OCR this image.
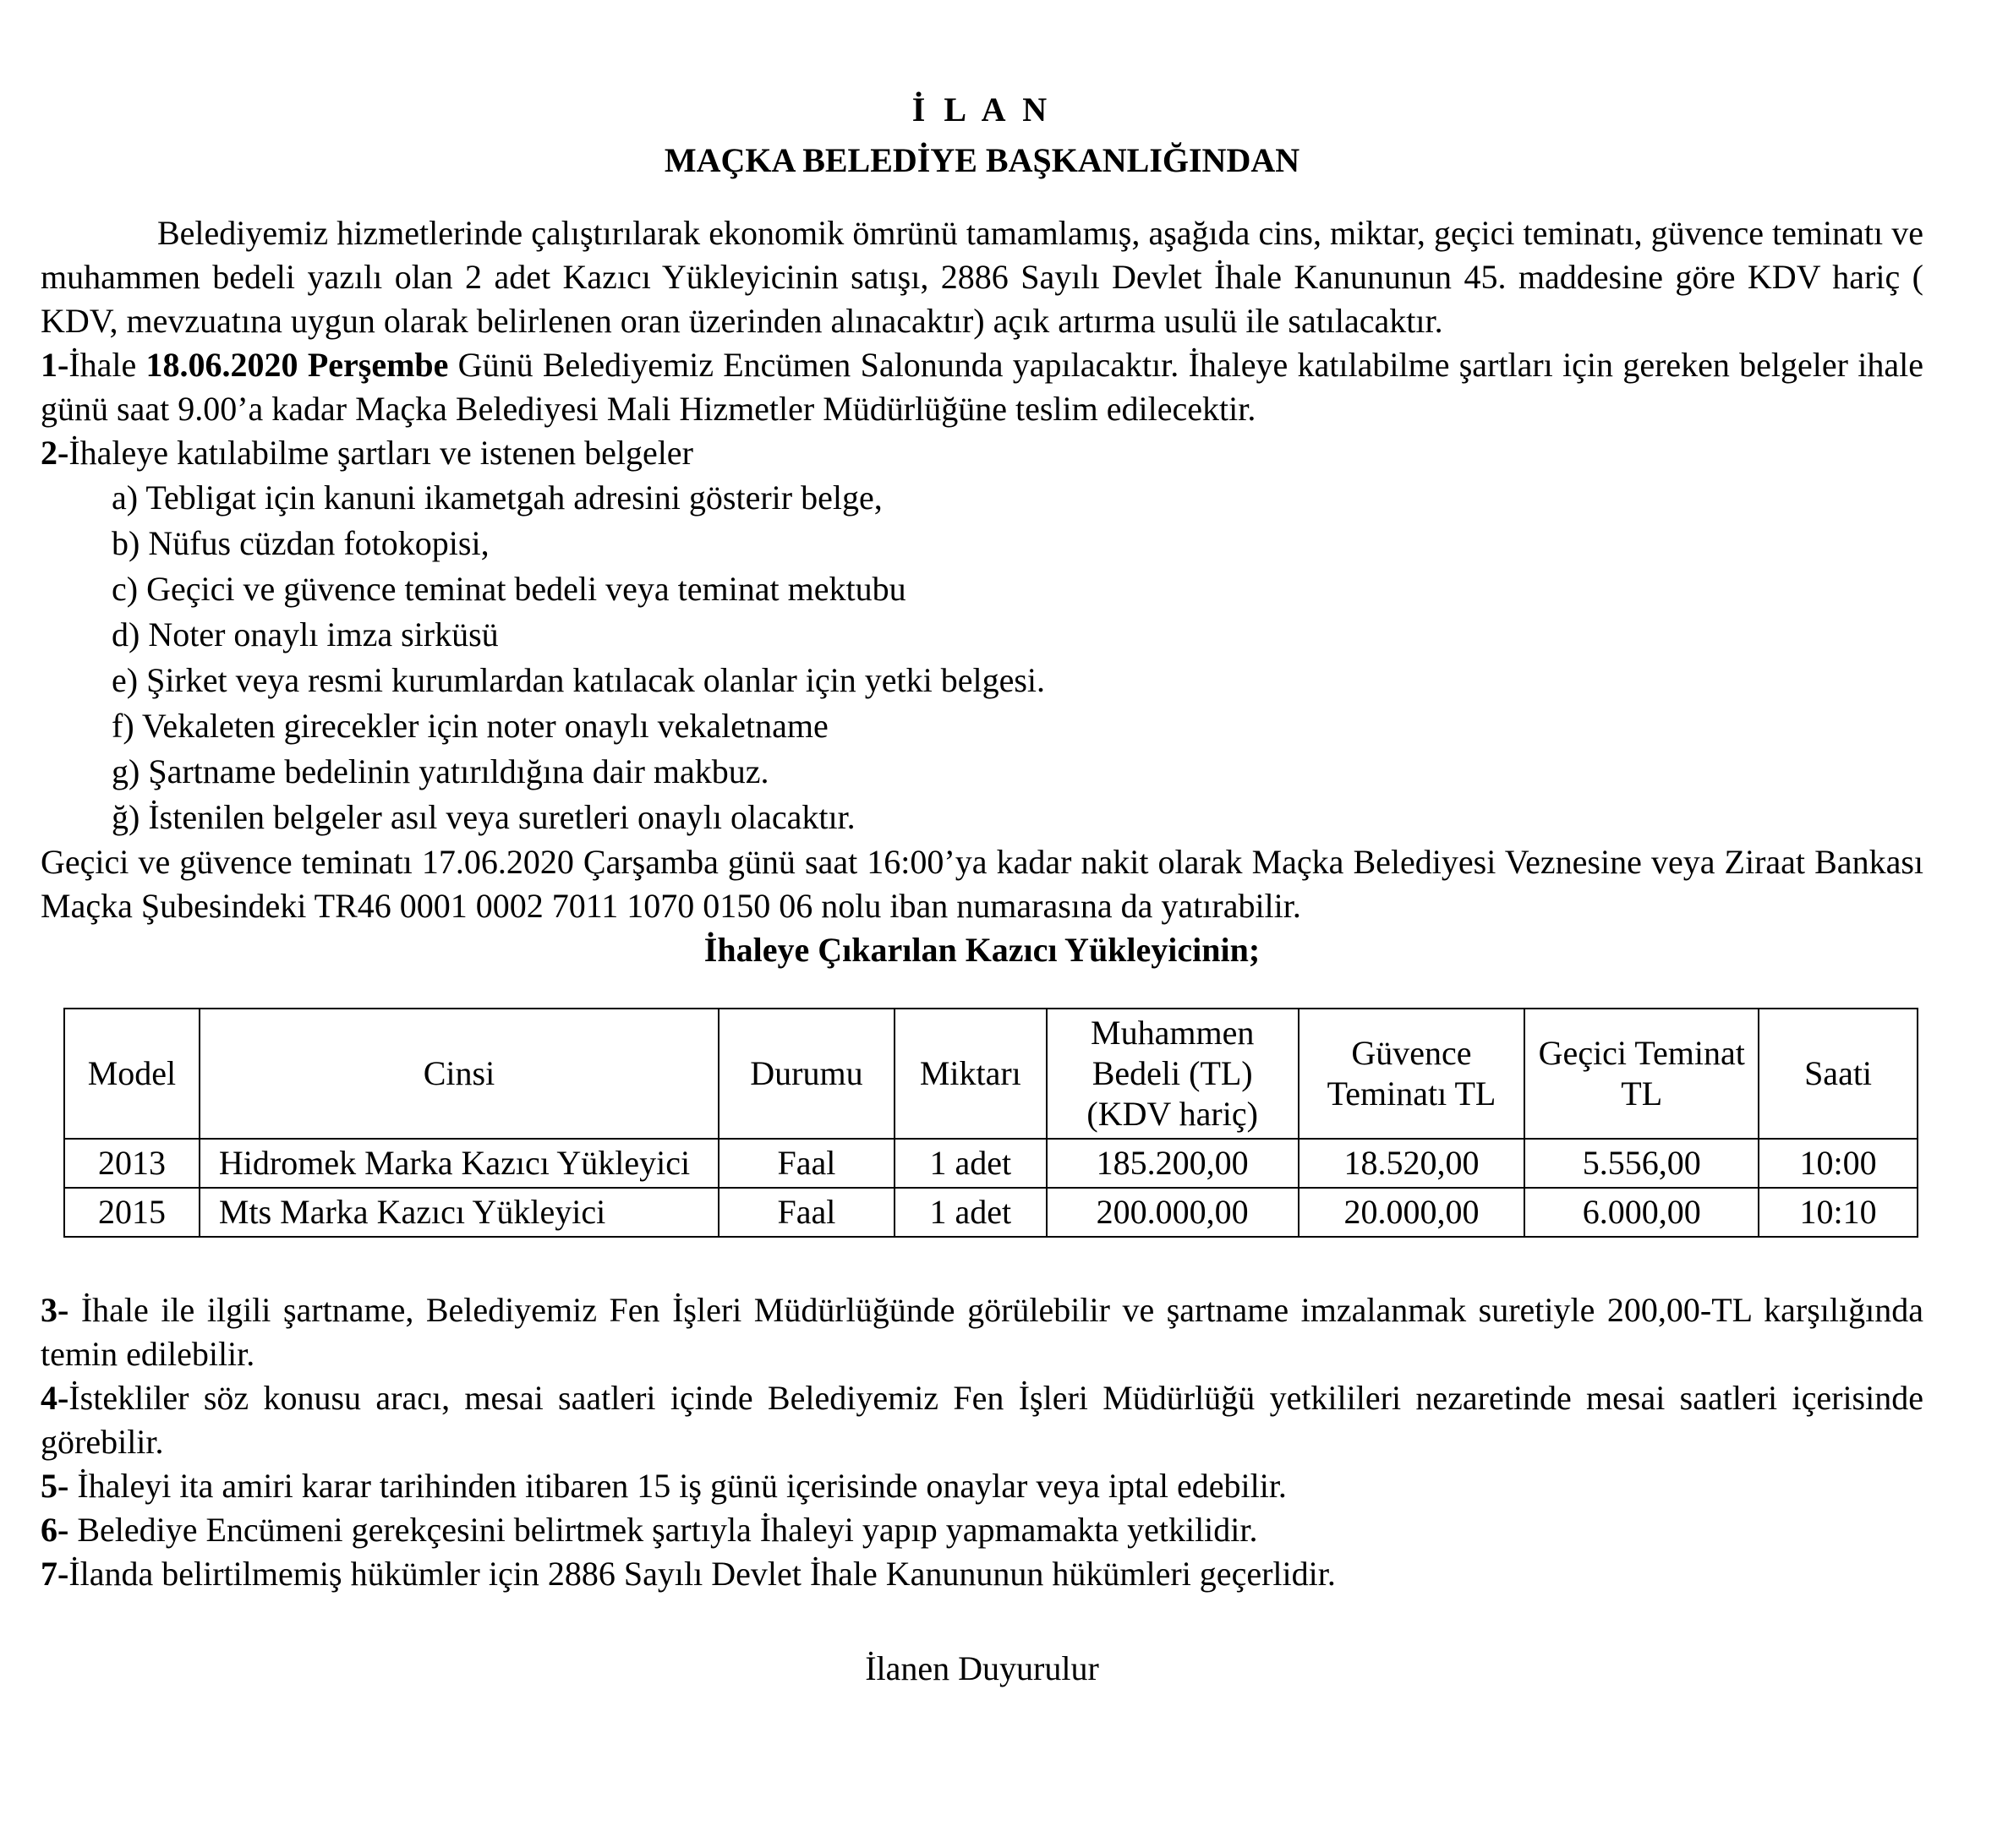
İ L A N

MAÇKA BELEDİYE BAŞKANLIĞINDAN

Belediyemiz hizmetlerinde çalıştırılarak ekonomik ömrünü tamamlamış, aşağıda cins, miktar, geçici teminatı, güvence teminatı ve muhammen bedeli yazılı olan 2 adet Kazıcı Yükleyicinin satışı, 2886 Sayılı Devlet İhale Kanununun 45. maddesine göre KDV hariç ( KDV, mevzuatına uygun olarak belirlenen oran üzerinden alınacaktır) açık artırma usulü ile satılacaktır.

1-İhale 18.06.2020 Perşembe Günü Belediyemiz Encümen Salonunda yapılacaktır. İhaleye katılabilme şartları için gereken belgeler ihale günü saat 9.00’a kadar Maçka Belediyesi Mali Hizmetler Müdürlüğüne teslim edilecektir.

2-İhaleye katılabilme şartları ve istenen belgeler

a) Tebligat için kanuni ikametgah adresini gösterir belge,
b) Nüfus cüzdan fotokopisi,
c) Geçici ve güvence teminat bedeli veya teminat mektubu
d) Noter onaylı imza sirküsü
e) Şirket veya resmi kurumlardan katılacak olanlar için yetki belgesi.
f) Vekaleten girecekler için noter onaylı vekaletname
g) Şartname bedelinin yatırıldığına dair makbuz.
ğ) İstenilen belgeler asıl veya suretleri onaylı olacaktır.

Geçici ve güvence teminatı 17.06.2020 Çarşamba günü saat 16:00’ya kadar nakit olarak Maçka Belediyesi Veznesine veya Ziraat Bankası Maçka Şubesindeki TR46 0001 0002 7011 1070 0150 06 nolu iban numarasına da yatırabilir.

İhaleye Çıkarılan Kazıcı Yükleyicinin;

Model	Cinsi	Durumu	Miktarı	Muhammen Bedeli (TL) (KDV hariç)	Güvence Teminatı TL	Geçici Teminat TL	Saati
2013	Hidromek Marka Kazıcı Yükleyici	Faal	1 adet	185.200,00	18.520,00	5.556,00	10:00
2015	Mts Marka Kazıcı Yükleyici	Faal	1 adet	200.000,00	20.000,00	6.000,00	10:10

3- İhale ile ilgili şartname, Belediyemiz Fen İşleri Müdürlüğünde görülebilir ve şartname imzalanmak suretiyle 200,00-TL karşılığında temin edilebilir.

4-İstekliler söz konusu aracı, mesai saatleri içinde Belediyemiz Fen İşleri Müdürlüğü yetkilileri nezaretinde mesai saatleri içerisinde görebilir.

5- İhaleyi ita amiri karar tarihinden itibaren 15 iş günü içerisinde onaylar veya iptal edebilir.

6- Belediye Encümeni gerekçesini belirtmek şartıyla İhaleyi yapıp yapmamakta yetkilidir.

7-İlanda belirtilmemiş hükümler için 2886 Sayılı Devlet İhale Kanununun hükümleri geçerlidir.

İlanen Duyurulur
